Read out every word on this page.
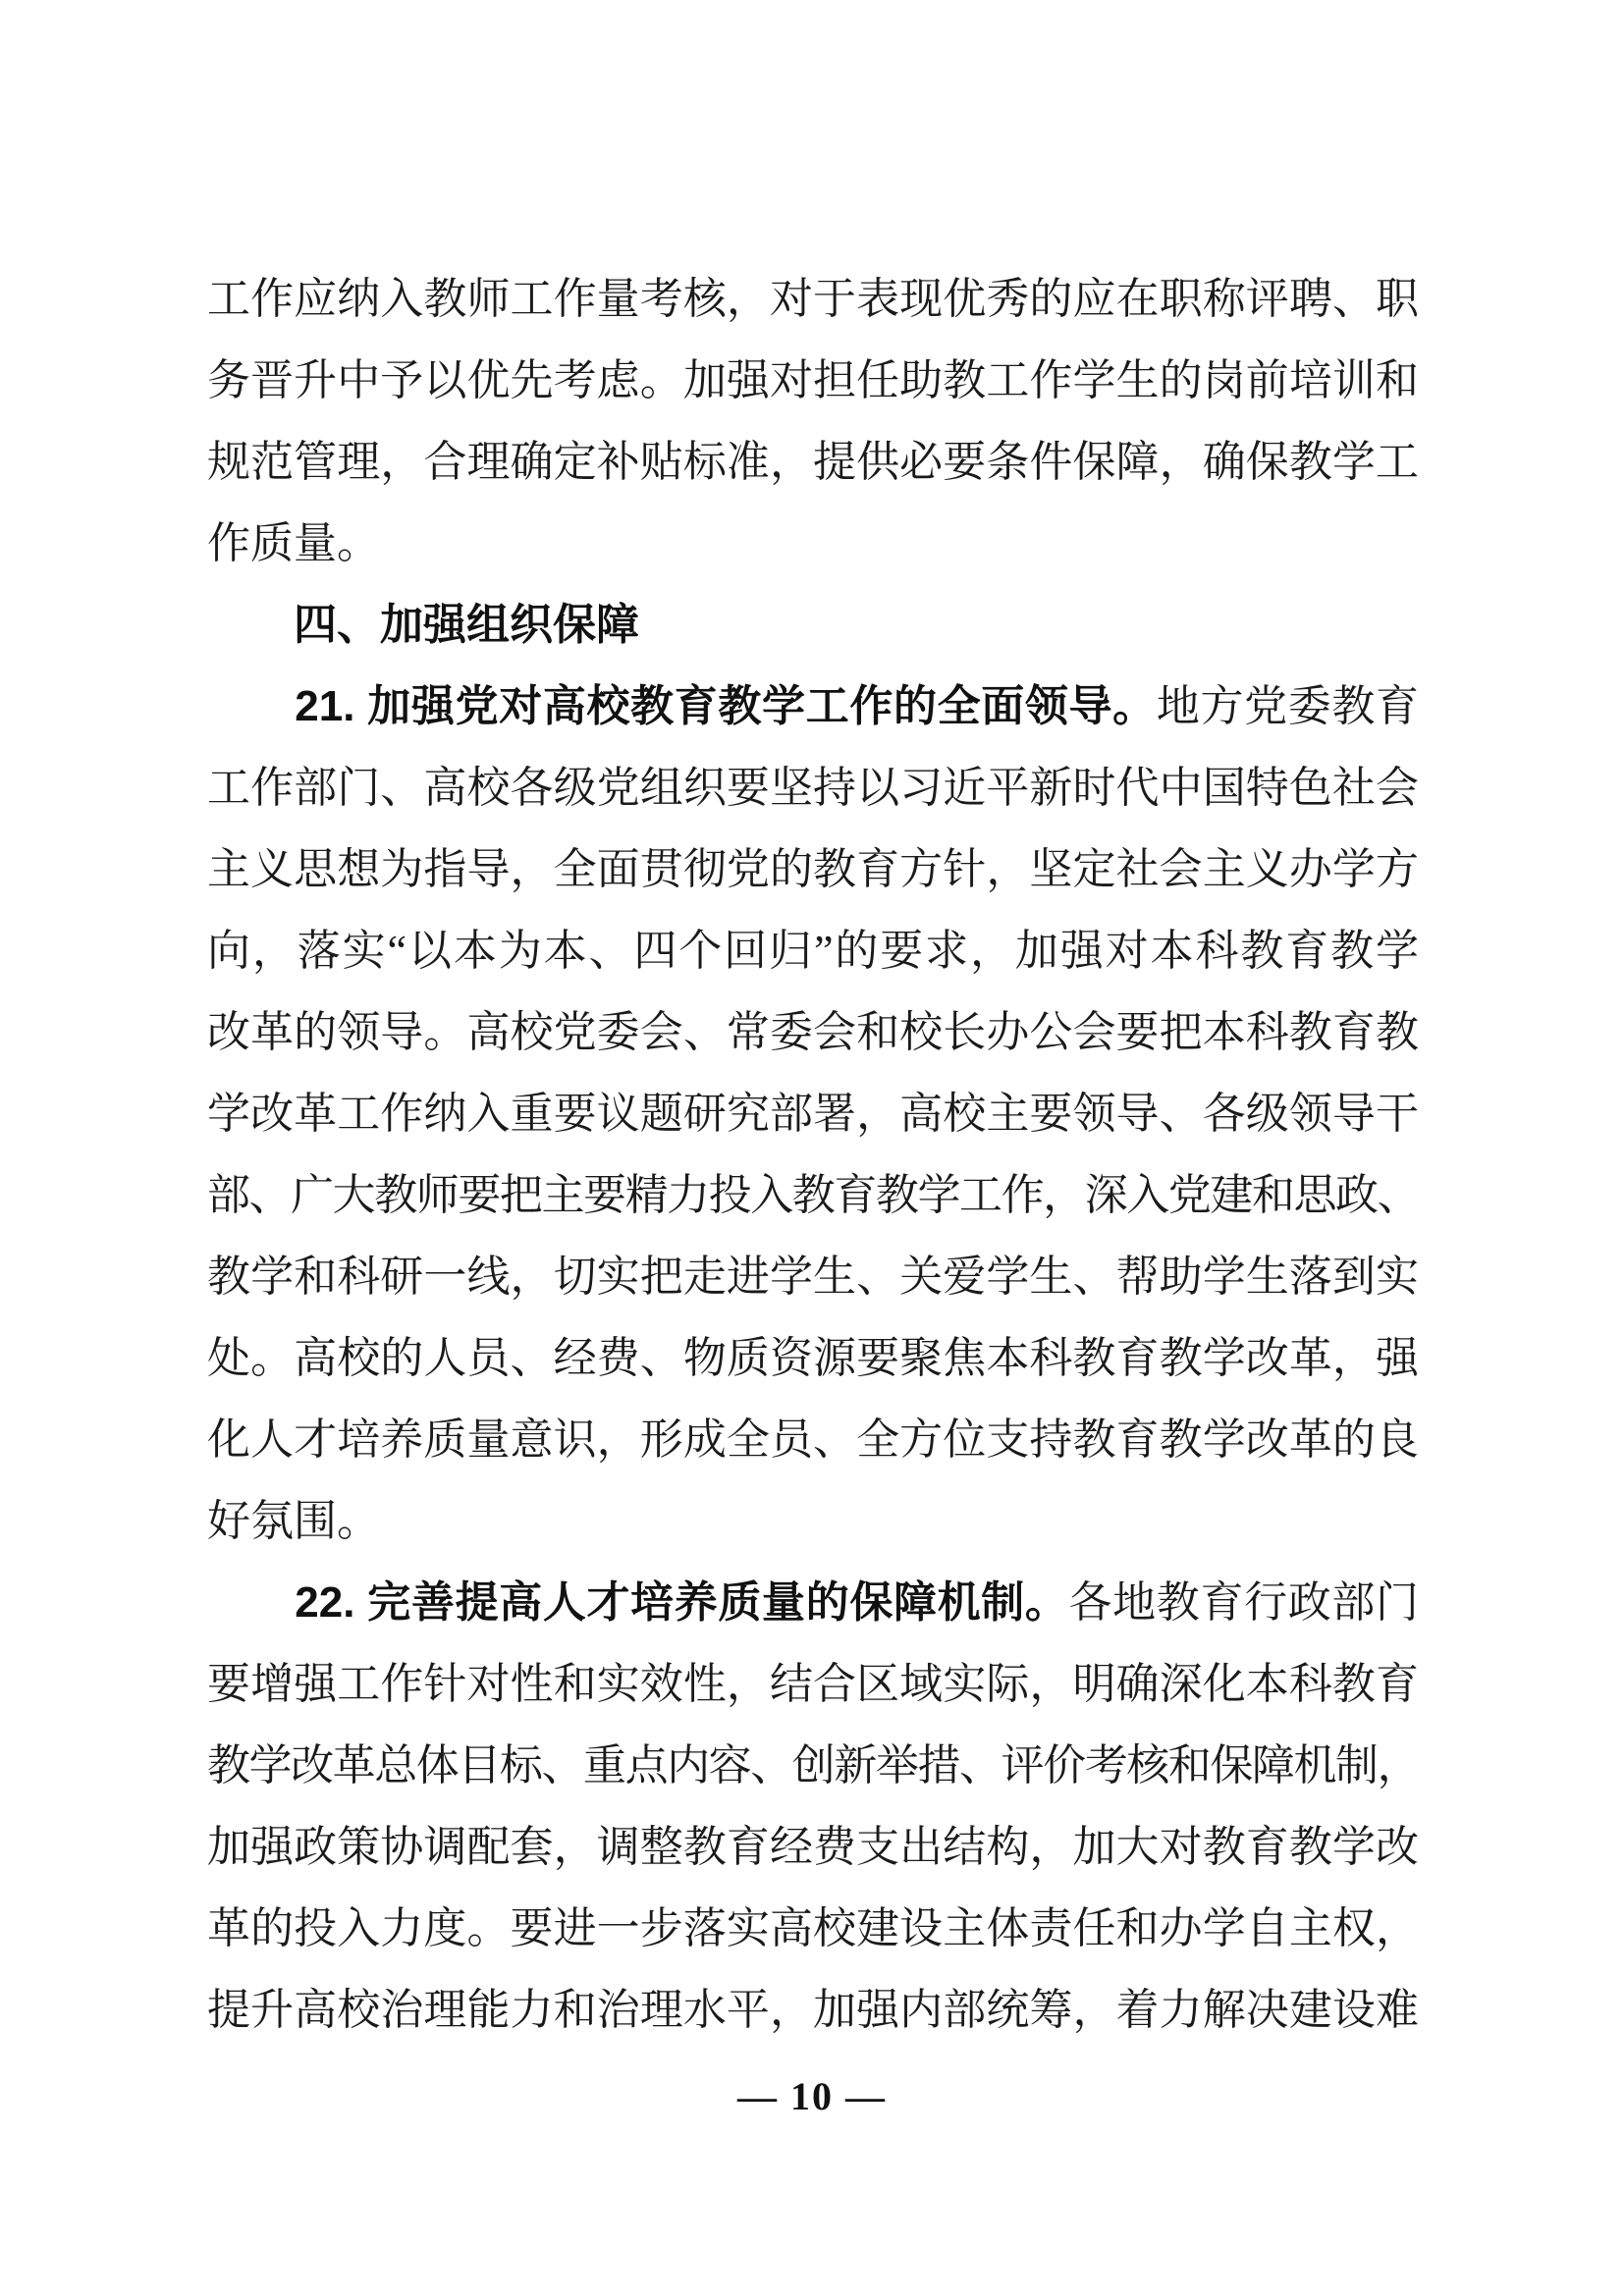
工作应纳入教师工作量考核，对于表现优秀的应在职称评聘、职
务晋升中予以优先考虑。加强对担任助教工作学生的岗前培训和
规范管理，合理确定补贴标准，提供必要条件保障，确保教学工
作质量。
　　四、加强组织保障
　　21. 加强党对高校教育教学工作的全面领导。地方党委教育
工作部门、高校各级党组织要坚持以习近平新时代中国特色社会
主义思想为指导，全面贯彻党的教育方针，坚定社会主义办学方
向，落实“以本为本、四个回归”的要求，加强对本科教育教学
改革的领导。高校党委会、常委会和校长办公会要把本科教育教
学改革工作纳入重要议题研究部署，高校主要领导、各级领导干
部、广大教师要把主要精力投入教育教学工作，深入党建和思政、
教学和科研一线，切实把走进学生、关爱学生、帮助学生落到实
处。高校的人员、经费、物质资源要聚焦本科教育教学改革，强
化人才培养质量意识，形成全员、全方位支持教育教学改革的良
好氛围。
　　22. 完善提高人才培养质量的保障机制。各地教育行政部门
要增强工作针对性和实效性，结合区域实际，明确深化本科教育
教学改革总体目标、重点内容、创新举措、评价考核和保障机制，
加强政策协调配套，调整教育经费支出结构，加大对教育教学改
革的投入力度。要进一步落实高校建设主体责任和办学自主权，
提升高校治理能力和治理水平，加强内部统筹，着力解决建设难
— 10 —
